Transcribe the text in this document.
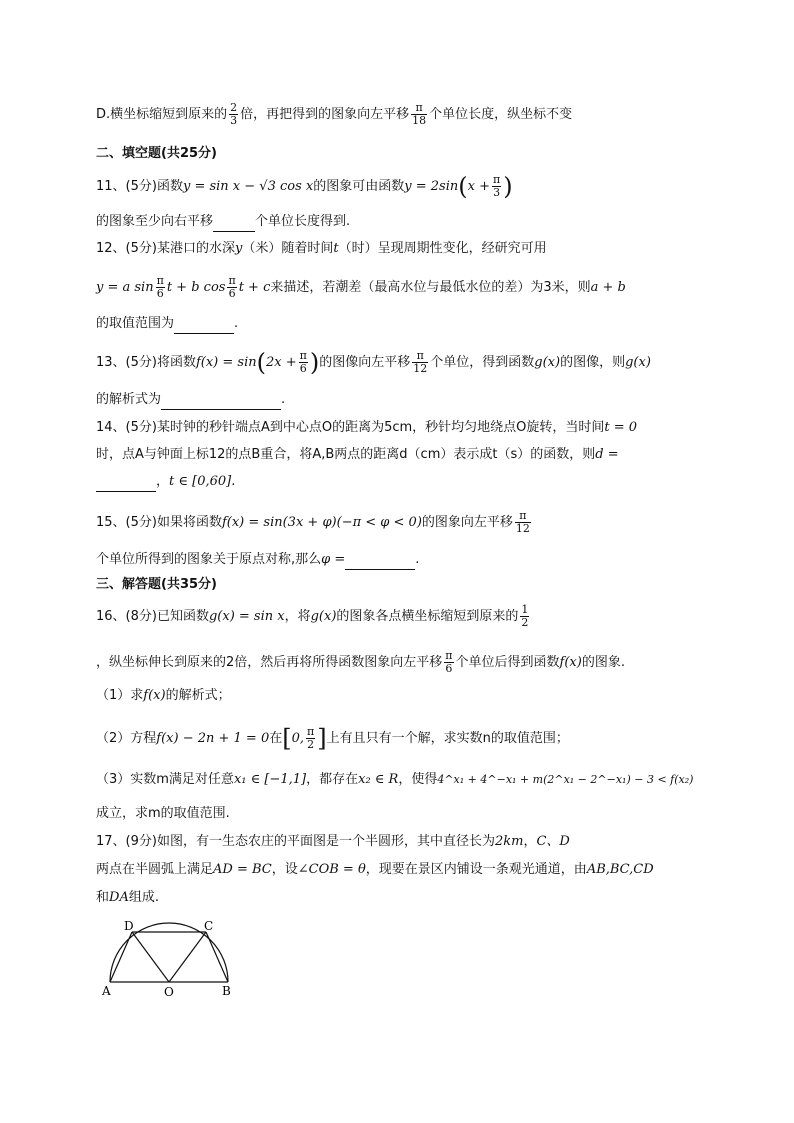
D.横坐标缩短到原来的 $\frac{2}{3}$ 倍，再把得到的图象向左平移 $\frac{\pi}{18}$ 个单位长度，纵坐标不变
二、填空题(共25分)
11、(5分)函数y = sin x − √3 cos x的图象可由函数$y = 2\sin(x + \frac{\pi}{3}$ )
的图象至少向右平移	个单位长度得到.
12、(5分)某港口的水深y（米）随着时间t（时）呈现周期性变化，经研究可用
y = a $\sin \frac{\pi}{6}$ t + b $\cos \frac{\pi}{6}$ t + c来描述，若潮差（最高水位与最低水位的差）为3米，则a + b
的取值范围为	.
13、(5分)将函数$f(x) = \sin(2x + \frac{\pi}{6}$ )的图像向左平移 $\frac{\pi}{12}$ 个单位，得到函数g(x)的图像，则g(x)
的解析式为	.
14、(5分)某时钟的秒针端点A到中心点O的距离为5cm，秒针均匀地绕点O旋转，当时间t = 0
时，点A与钟面上标12的点B重合，将A,B两点的距离d（cm）表示成t（s）的函数，则d =
，t ∈ [0,60].
15、(5分)如果将函数f(x) = sin(3x + φ)(−π < φ < 0)的图象向左平移 $\frac{\pi}{12}$
个单位所得到的图象关于原点对称,那么φ =	.
三、解答题(共35分)
16、(8分)已知函数g(x) = sin x，将g(x)的图象各点横坐标缩短到原来的 $\frac{1}{2}$
，纵坐标伸长到原来的2倍，然后再将所得函数图象向左平移 $\frac{\pi}{6}$ 个单位后得到函数f(x)的图象.
（1）求f(x)的解析式；
（2）方程f(x) − 2n + 1 = 0在[0, $\frac{\pi}{2}$ ]上有且只有一个解，求实数n的取值范围；
（3）实数m满足对任意x₁ ∈ [−1,1]，都存在x₂ ∈ R，使得4^x₁ + 4^−x₁ + m(2^x₁ − 2^−x₁) − 3 < f(x₂)
成立，求m的取值范围.
17、(9分)如图，有一生态农庄的平面图是一个半圆形，其中直径长为2km，C、D
两点在半圆弧上满足AD = BC，设∠COB = θ，现要在景区内铺设一条观光通道，由AB,BC,CD
和DA组成.
A	O	B
D	C
